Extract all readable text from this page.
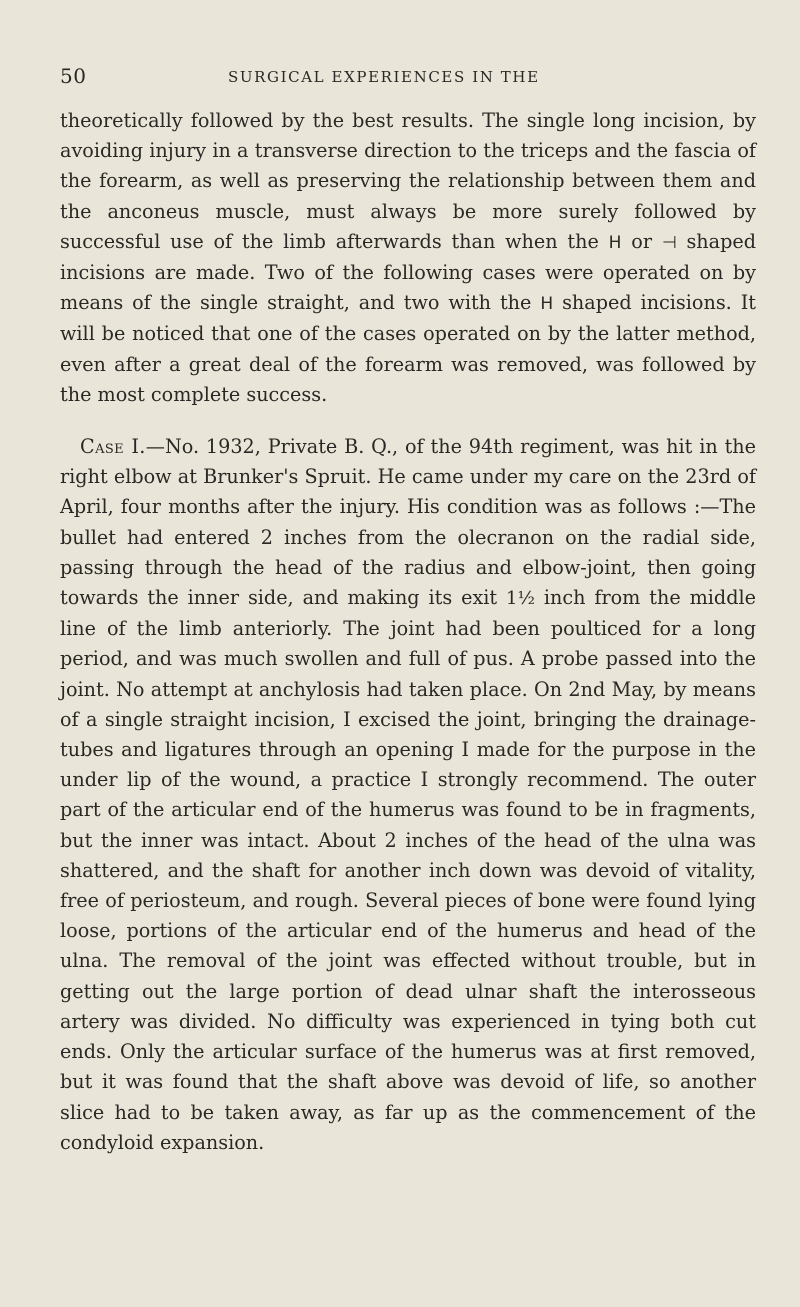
50	SURGICAL EXPERIENCES IN THE

theoretically followed by the best results. The single long incision, by avoiding injury in a transverse direction to the triceps and the fascia of the forearm, as well as preserving the relationship between them and the anconeus muscle, must always be more surely followed by successful use of the limb afterwards than when the H or ⊣ shaped incisions are made. Two of the following cases were operated on by means of the single straight, and two with the H shaped incisions. It will be noticed that one of the cases operated on by the latter method, even after a great deal of the forearm was removed, was followed by the most complete success.

Case I.—No. 1932, Private B. Q., of the 94th regiment, was hit in the right elbow at Brunker's Spruit. He came under my care on the 23rd of April, four months after the injury. His condition was as follows :—The bullet had entered 2 inches from the olecranon on the radial side, passing through the head of the radius and elbow-joint, then going towards the inner side, and making its exit 1½ inch from the middle line of the limb anteriorly. The joint had been poulticed for a long period, and was much swollen and full of pus. A probe passed into the joint. No attempt at anchylosis had taken place. On 2nd May, by means of a single straight incision, I excised the joint, bringing the drainage-tubes and ligatures through an opening I made for the purpose in the under lip of the wound, a practice I strongly recommend. The outer part of the articular end of the humerus was found to be in fragments, but the inner was intact. About 2 inches of the head of the ulna was shattered, and the shaft for another inch down was devoid of vitality, free of periosteum, and rough. Several pieces of bone were found lying loose, portions of the articular end of the humerus and head of the ulna. The removal of the joint was effected without trouble, but in getting out the large portion of dead ulnar shaft the interosseous artery was divided. No difficulty was experienced in tying both cut ends. Only the articular surface of the humerus was at first removed, but it was found that the shaft above was devoid of life, so another slice had to be taken away, as far up as the commencement of the condyloid expansion.
